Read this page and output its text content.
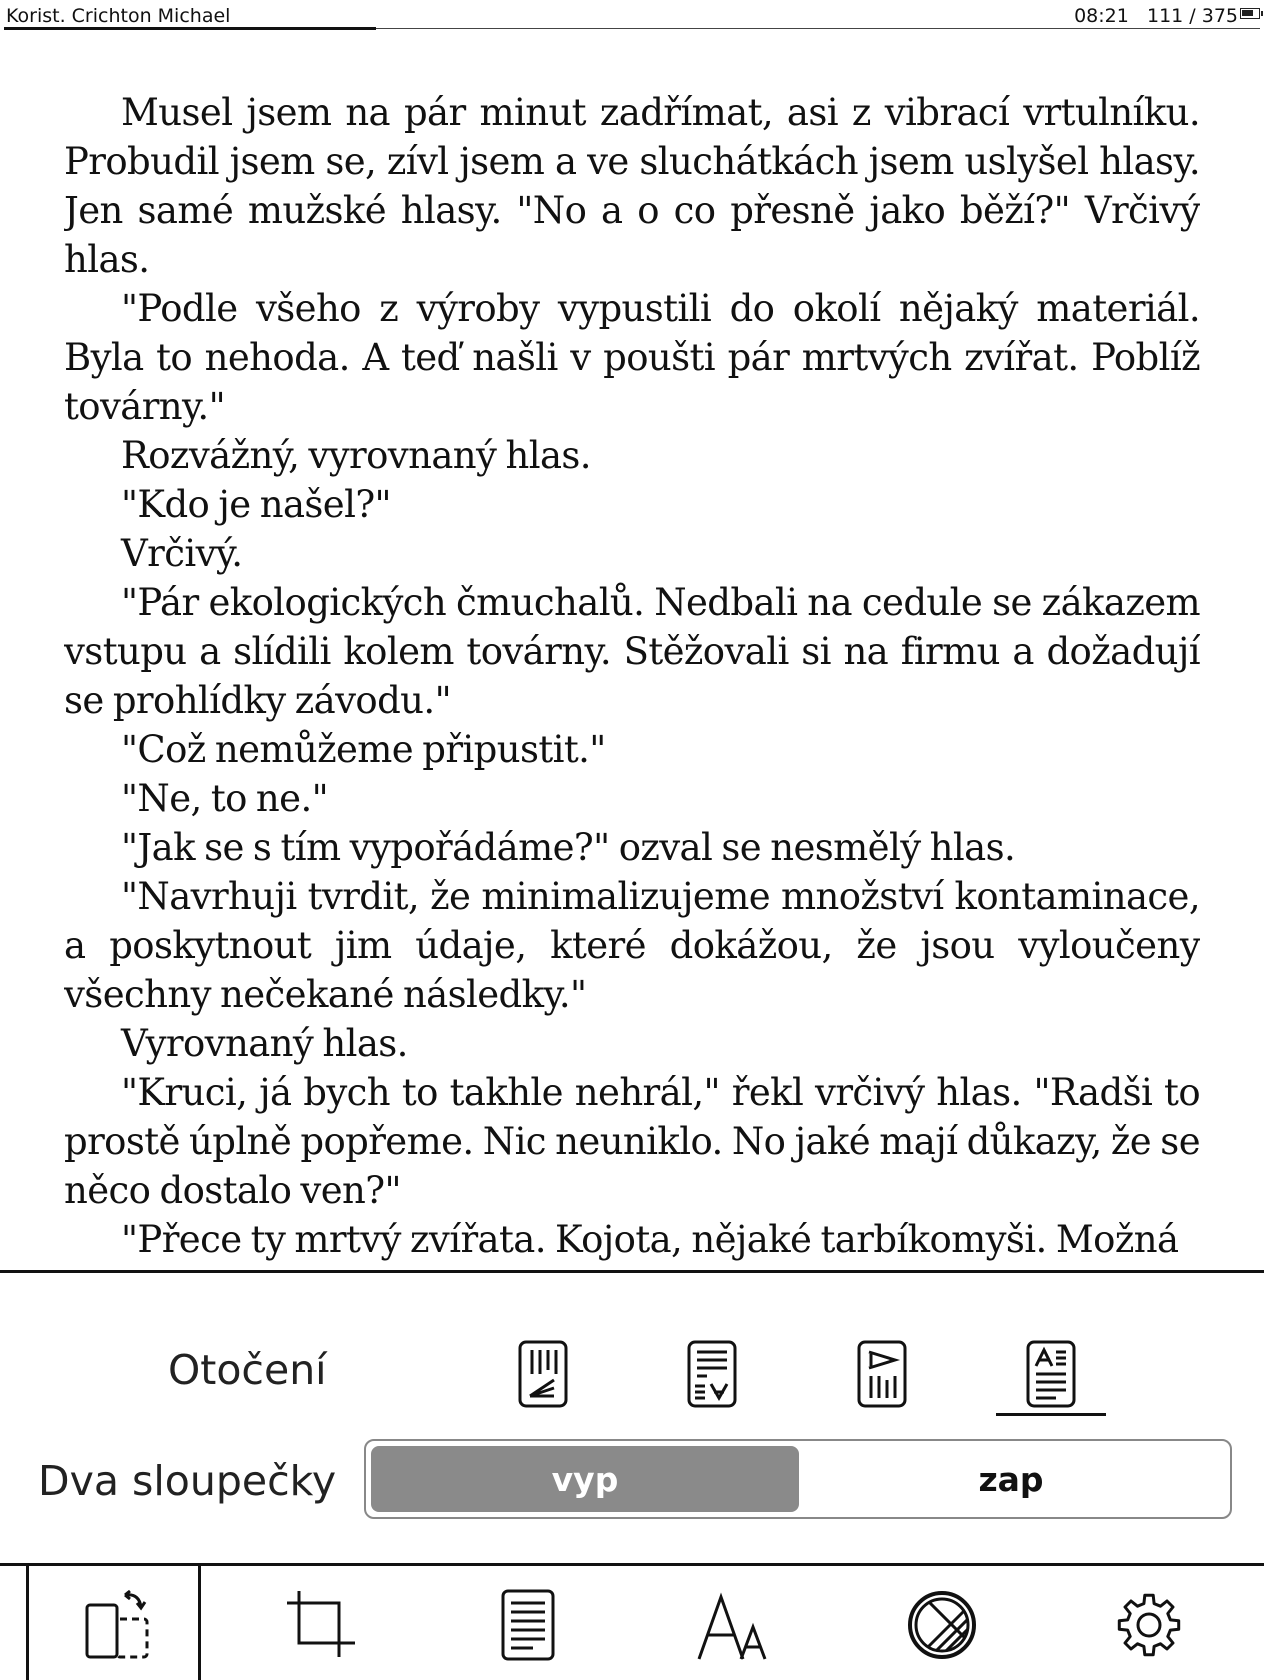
Korist. Crichton Michael	08:21 111 / 375

Musel jsem na pár minut zadřímat, asi z vibrací vrtulníku. Probudil jsem se, zívl jsem a ve sluchátkách jsem uslyšel hlasy. Jen samé mužské hlasy. "No a o co přesně jako běží?" Vrčivý hlas.

"Podle všeho z výroby vypustili do okolí nějaký materiál. Byla to nehoda. A teď našli v poušti pár mrtvých zvířat. Poblíž továrny."

Rozvážný, vyrovnaný hlas.

"Kdo je našel?"

Vrčivý.

"Pár ekologických čmuchalů. Nedbali na cedule se zákazem vstupu a slídili kolem továrny. Stěžovali si na firmu a dožadují se prohlídky závodu."

"Což nemůžeme připustit."

"Ne, to ne."

"Jak se s tím vypořádáme?" ozval se nesmělý hlas.

"Navrhuji tvrdit, že minimalizujeme množství kontaminace, a poskytnout jim údaje, které dokážou, že jsou vyloučeny všechny nečekané následky."

Vyrovnaný hlas.

"Kruci, já bych to takhle nehrál," řekl vrčivý hlas. "Radši to prostě úplně popřeme. Nic neuniklo. No jaké mají důkazy, že se něco dostalo ven?"

"Přece ty mrtvý zvířata. Kojota, nějaké tarbíkomyši. Možná

Otočení
Dva sloupečky	vyp	zap
